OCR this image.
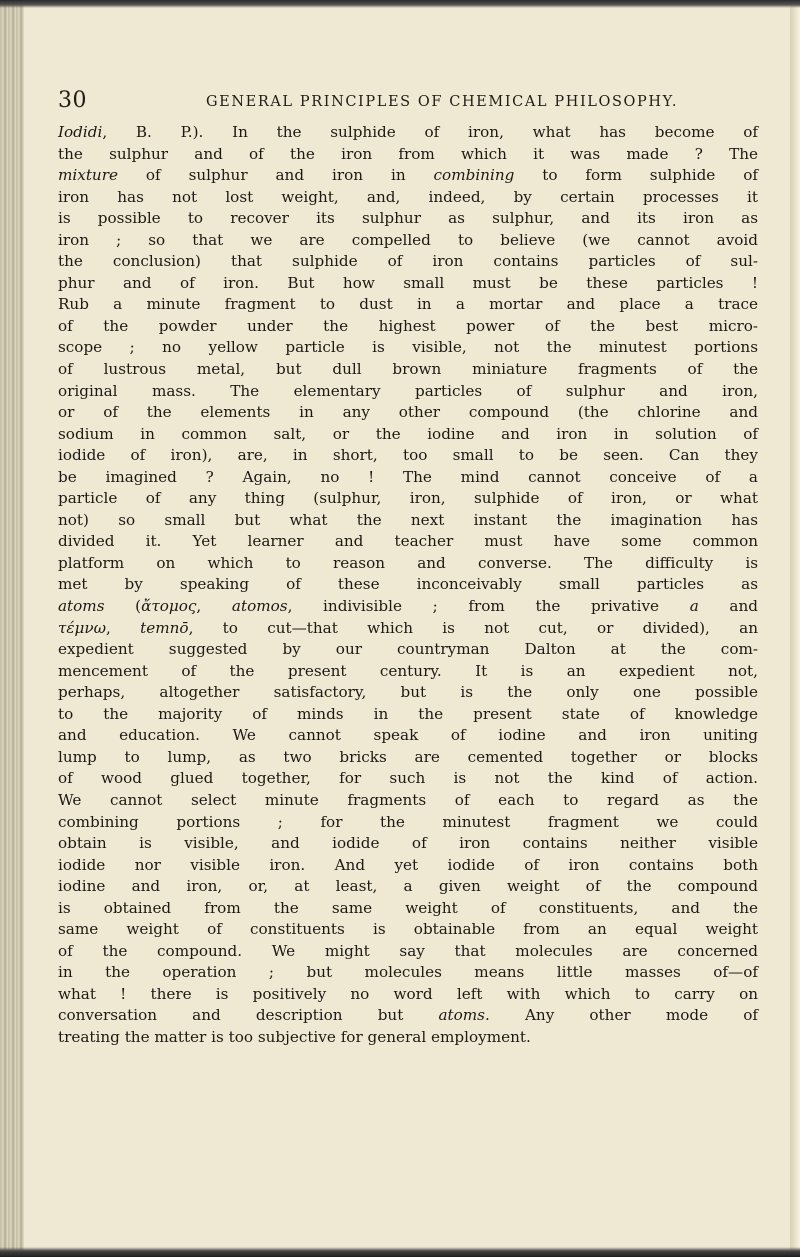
30	GENERAL PRINCIPLES OF CHEMICAL PHILOSOPHY.
Iodidi, B. P.). In the sulphide of iron, what has become of
the sulphur and of the iron from which it was made ? The
mixture of sulphur and iron in combining to form sulphide of
iron has not lost weight, and, indeed, by certain processes it
is possible to recover its sulphur as sulphur, and its iron as
iron ; so that we are compelled to believe (we cannot avoid
the conclusion) that sulphide of iron contains particles of sul-
phur and of iron. But how small must be these particles !
Rub a minute fragment to dust in a mortar and place a trace
of the powder under the highest power of the best micro-
scope ; no yellow particle is visible, not the minutest portions
of lustrous metal, but dull brown miniature fragments of the
original mass. The elementary particles of sulphur and iron,
or of the elements in any other compound (the chlorine and
sodium in common salt, or the iodine and iron in solution of
iodide of iron), are, in short, too small to be seen. Can they
be imagined ? Again, no ! The mind cannot conceive of a
particle of any thing (sulphur, iron, sulphide of iron, or what
not) so small but what the next instant the imagination has
divided it. Yet learner and teacher must have some common
platform on which to reason and converse. The difficulty is
met by speaking of these inconceivably small particles as
atoms (ἄτομος, atomos, indivisible ; from the privative a and
τέμνω, temnō, to cut—that which is not cut, or divided), an
expedient suggested by our countryman Dalton at the com-
mencement of the present century. It is an expedient not,
perhaps, altogether satisfactory, but is the only one possible
to the majority of minds in the present state of knowledge
and education. We cannot speak of iodine and iron uniting
lump to lump, as two bricks are cemented together or blocks
of wood glued together, for such is not the kind of action.
We cannot select minute fragments of each to regard as the
combining portions ; for the minutest fragment we could
obtain is visible, and iodide of iron contains neither visible
iodide nor visible iron. And yet iodide of iron contains both
iodine and iron, or, at least, a given weight of the compound
is obtained from the same weight of constituents, and the
same weight of constituents is obtainable from an equal weight
of the compound. We might say that molecules are concerned
in the operation ; but molecules means little masses of—of
what ! there is positively no word left with which to carry on
conversation and description but atoms. Any other mode of
treating the matter is too subjective for general employment.
